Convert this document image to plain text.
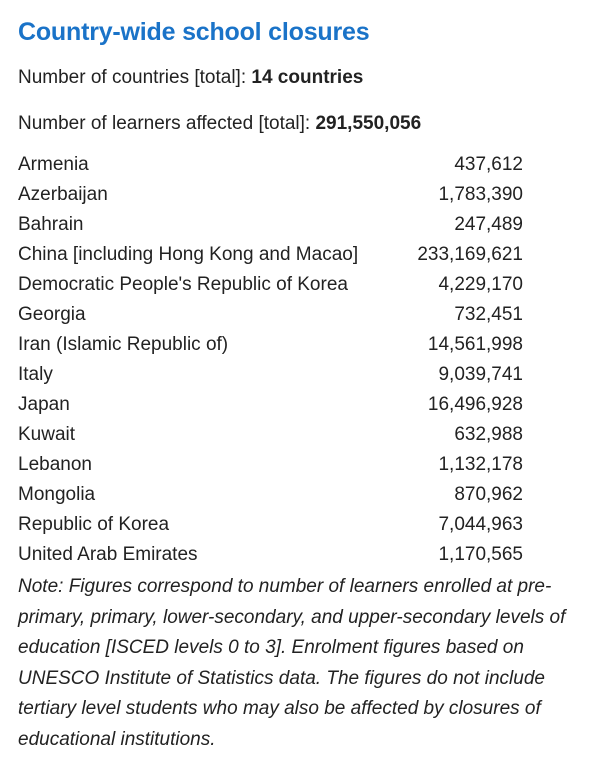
Country-wide school closures

Number of countries [total]: 14 countries

Number of learners affected [total]: 291,550,056

Armenia	437,612
Azerbaijan	1,783,390
Bahrain	247,489
China [including Hong Kong and Macao]	233,169,621
Democratic People's Republic of Korea	4,229,170
Georgia	732,451
Iran (Islamic Republic of)	14,561,998
Italy	9,039,741
Japan	16,496,928
Kuwait	632,988
Lebanon	1,132,178
Mongolia	870,962
Republic of Korea	7,044,963
United Arab Emirates	1,170,565

Note: Figures correspond to number of learners enrolled at pre-primary, primary, lower-secondary, and upper-secondary levels of education [ISCED levels 0 to 3]. Enrolment figures based on UNESCO Institute of Statistics data. The figures do not include tertiary level students who may also be affected by closures of educational institutions.
